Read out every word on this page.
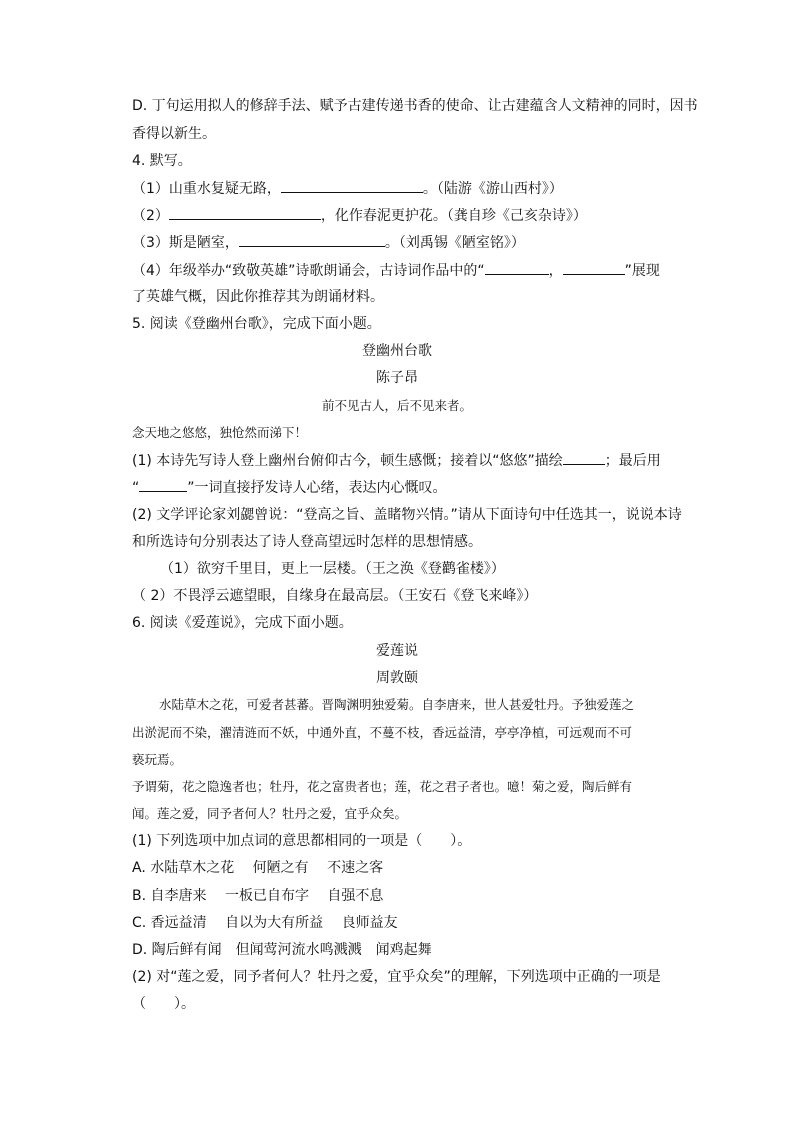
D. 丁句运用拟人的修辞手法、赋予古建传递书香的使命、让古建蕴含人文精神的同时，因书
香得以新生。
4. 默写。
（1）山重水复疑无路，	。（陆游《游山西村》）
（2）	，化作春泥更护花。（龚自珍《己亥杂诗》）
（3）斯是陋室，	。（刘禹锡《陋室铭》）
（4）年级举办“致敬英雄”诗歌朗诵会，古诗词作品中的“	，	”展现
了英雄气概，因此你推荐其为朗诵材料。
5. 阅读《登幽州台歌》，完成下面小题。
登幽州台歌
陈子昂
前不见古人，后不见来者。
念天地之悠悠，独怆然而涕下！
(1) 本诗先写诗人登上幽州台俯仰古今，顿生感慨；接着以“悠悠”描绘	；最后用
“	”一词直接抒发诗人心绪，表达内心慨叹。
(2) 文学评论家刘勰曾说：“登高之旨、盖睹物兴情。”请从下面诗句中任选其一，说说本诗
和所选诗句分别表达了诗人登高望远时怎样的思想情感。
（1）欲穷千里目，更上一层楼。（王之涣《登鹳雀楼》）
（ 2）不畏浮云遮望眼，自缘身在最高层。（王安石《登飞来峰》）
6. 阅读《爱莲说》，完成下面小题。
爱莲说
周敦颐
水陆草木之花，可爱者甚蕃。晋陶渊明独爱菊。自李唐来，世人甚爱牡丹。予独爱莲之
出淤泥而不染，濯清涟而不妖，中通外直，不蔓不枝，香远益清，亭亭净植，可远观而不可
亵玩焉。
予谓菊，花之隐逸者也；牡丹，花之富贵者也；莲，花之君子者也。噫！菊之爱，陶后鲜有
闻。莲之爱，同予者何人？牡丹之爱，宜乎众矣。
(1) 下列选项中加点词的意思都相同的一项是（　　）。
A. 水陆草木之花　 何陋之有　 不速之客
B. 自李唐来　 一板已自布字　 自强不息
C. 香远益清　 自以为大有所益　 良师益友
D. 陶后鲜有闻　但闻莺河流水鸣溅溅　闻鸡起舞
(2) 对“莲之爱，同予者何人？牡丹之爱，宜乎众矣”的理解，下列选项中正确的一项是
（　　）。
